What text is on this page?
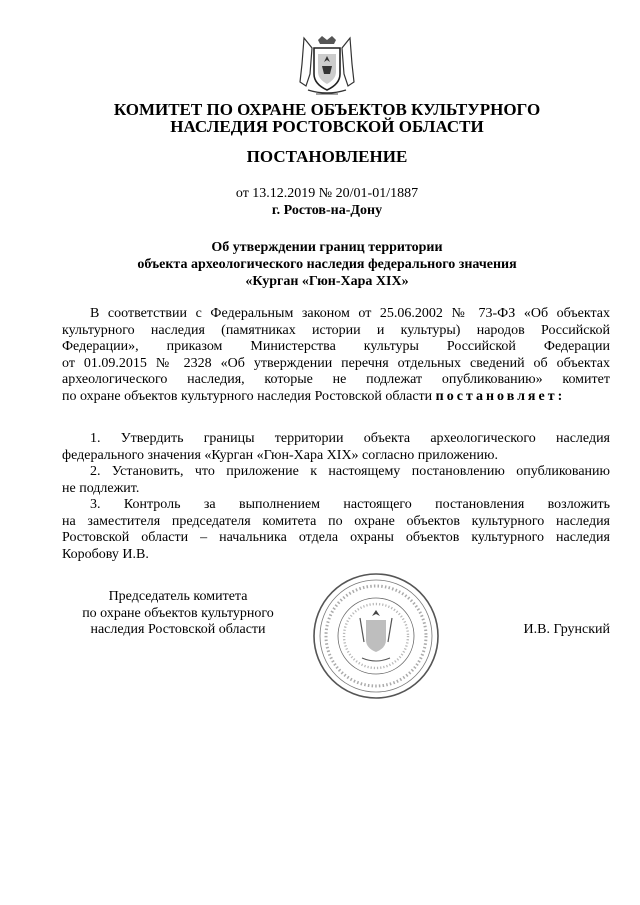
КОМИТЕТ ПО ОХРАНЕ ОБЪЕКТОВ КУЛЬТУРНОГО
НАСЛЕДИЯ РОСТОВСКОЙ ОБЛАСТИ
ПОСТАНОВЛЕНИЕ
от 13.12.2019 № 20/01-01/1887
г. Ростов-на-Дону
Об утверждении границ территории
объекта археологического наследия федерального значения
«Курган «Гюн-Хара XIX»
В соответствии с Федеральным законом от 25.06.2002 № 73-ФЗ «Об объектах
культурного наследия (памятниках истории и культуры) народов Российской
Федерации», приказом Министерства культуры Российской Федерации
от 01.09.2015 № 2328 «Об утверждении перечня отдельных сведений об объектах
археологического наследия, которые не подлежат опубликованию» комитет
по охране объектов культурного наследия Ростовской области постановляет:
1. Утвердить границы территории объекта археологического наследия
федерального значения «Курган «Гюн-Хара XIX» согласно приложению.
2. Установить, что приложение к настоящему постановлению опубликованию
не подлежит.
3. Контроль за выполнением настоящего постановления возложить
на заместителя председателя комитета по охране объектов культурного наследия
Ростовской области – начальника отдела охраны объектов культурного наследия
Коробову И.В.
Председатель комитета
по охране объектов культурного
наследия Ростовской области	И.В. Грунский
